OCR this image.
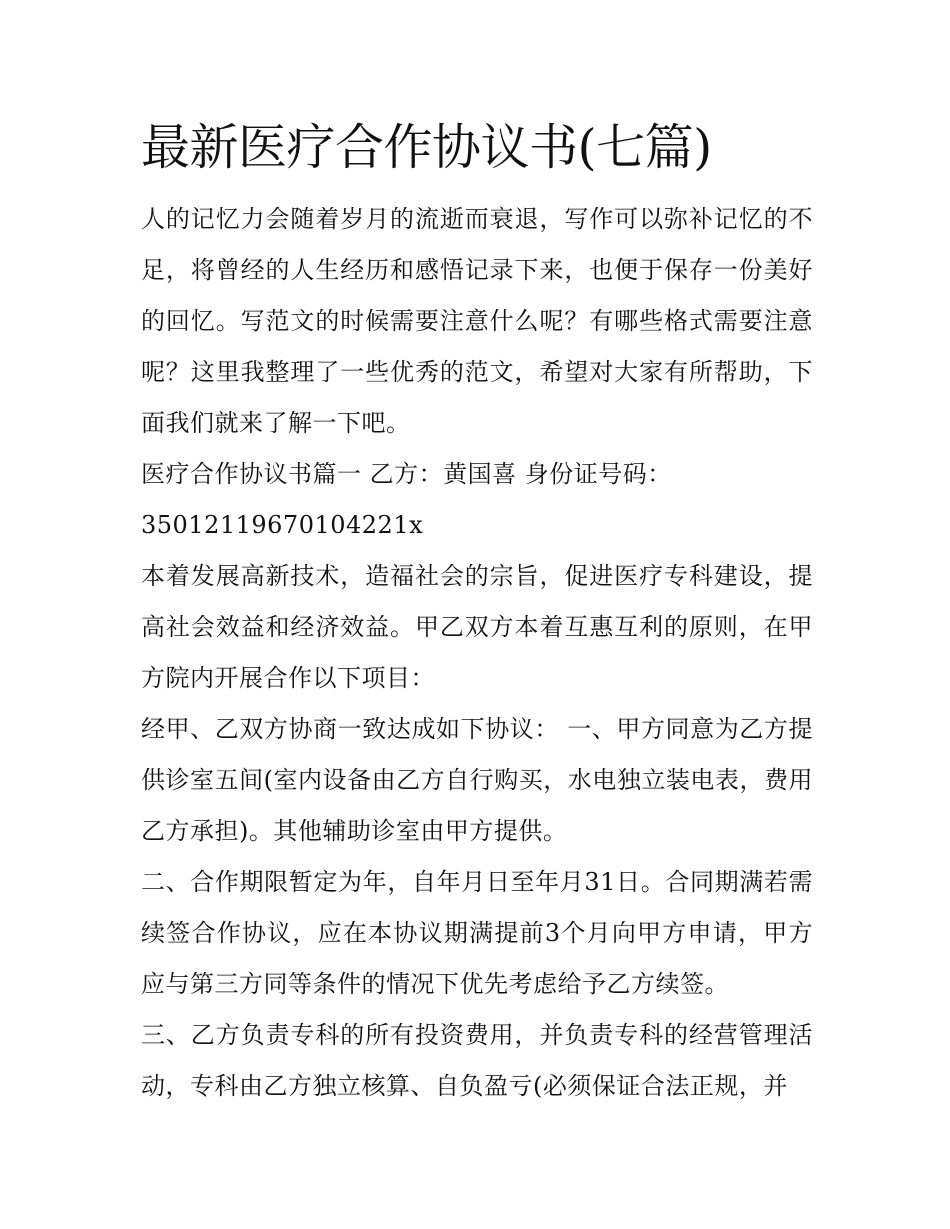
最新医疗合作协议书(七篇)

人的记忆力会随着岁月的流逝而衰退，写作可以弥补记忆的不足，将曾经的人生经历和感悟记录下来，也便于保存一份美好的回忆。写范文的时候需要注意什么呢？有哪些格式需要注意呢？这里我整理了一些优秀的范文，希望对大家有所帮助，下面我们就来了解一下吧。

医疗合作协议书篇一 乙方：黄国喜 身份证号码：

35012119670104221x

本着发展高新技术，造福社会的宗旨，促进医疗专科建设，提高社会效益和经济效益。甲乙双方本着互惠互利的原则，在甲方院内开展合作以下项目：

经甲、乙双方协商一致达成如下协议： 一、甲方同意为乙方提供诊室五间(室内设备由乙方自行购买，水电独立装电表，费用乙方承担)。其他辅助诊室由甲方提供。

二、合作期限暂定为年，自年月日至年月31日。合同期满若需续签合作协议，应在本协议期满提前3个月向甲方申请，甲方应与第三方同等条件的情况下优先考虑给予乙方续签。

三、乙方负责专科的所有投资费用，并负责专科的经营管理活动，专科由乙方独立核算、自负盈亏(必须保证合法正规，并
